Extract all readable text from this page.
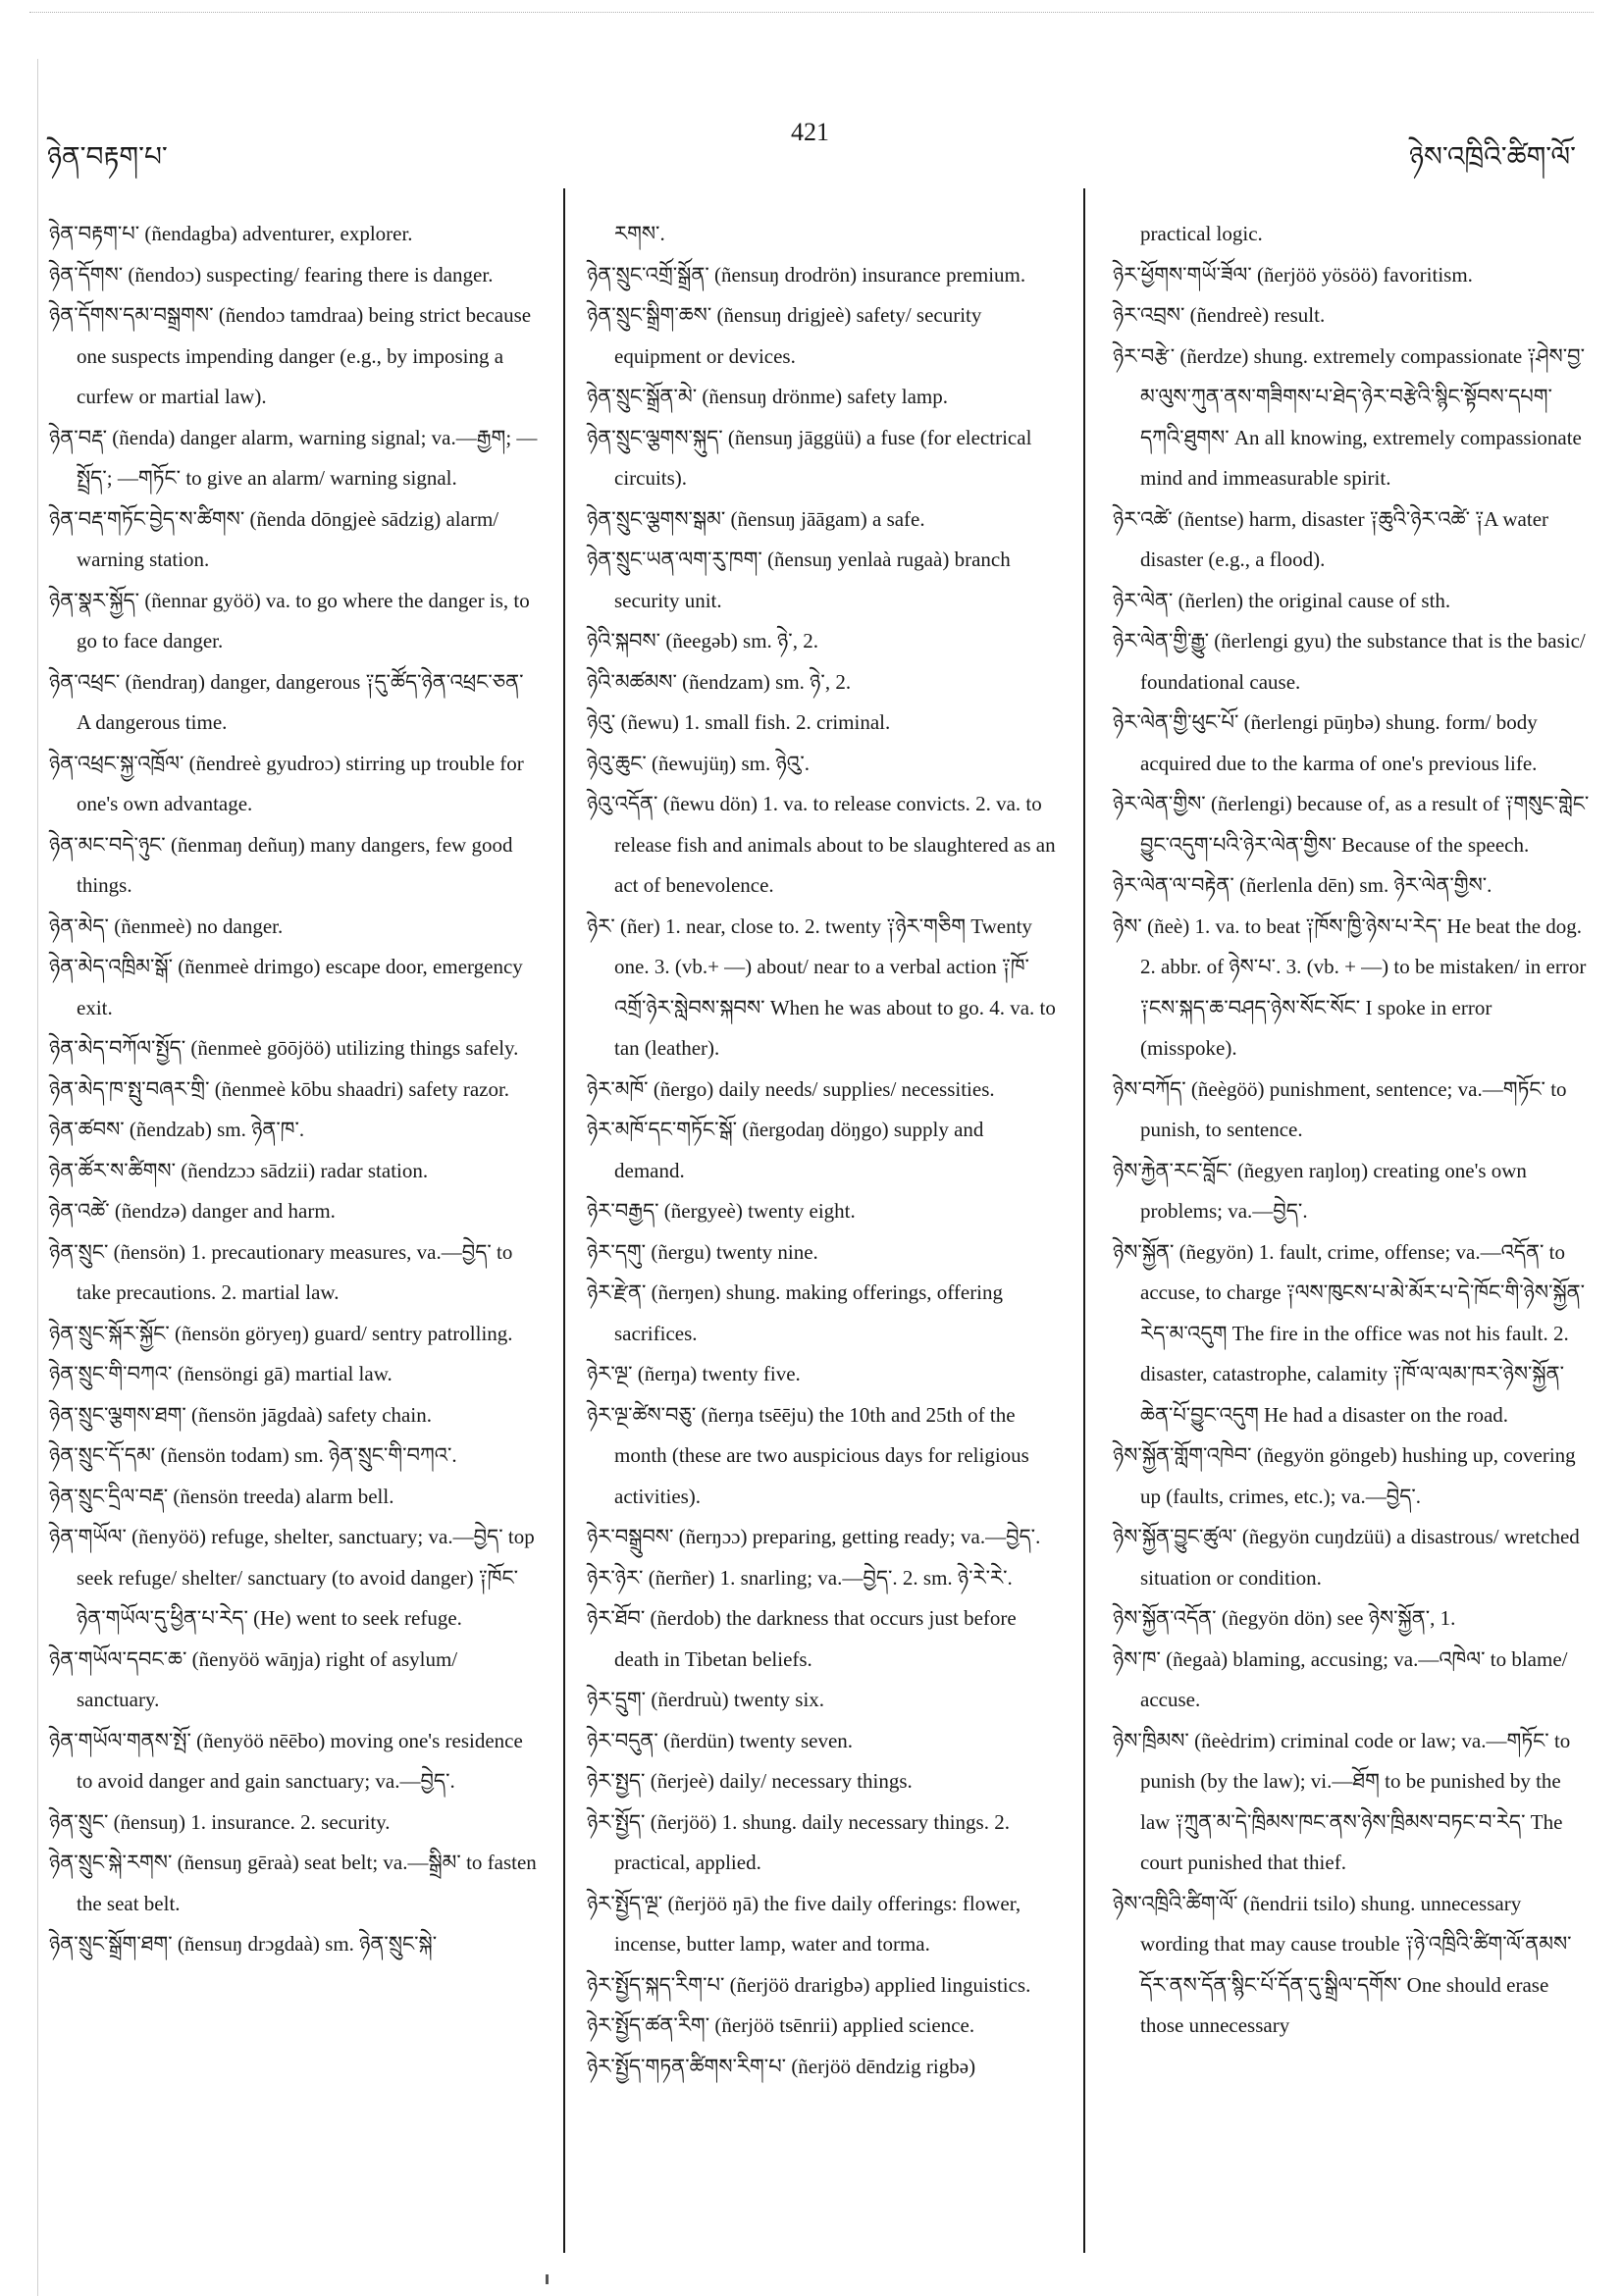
ཉེན་བརྟག་པ་
421
ཉེས་འཁྲིའི་ཚིག་ལོ་

ཉེན་བརྟག་པ་ (ñendagba) adventurer, explorer.

ཉེན་དོགས་ (ñendoɔ) suspecting/ fearing there is danger.

ཉེན་དོགས་དམ་བསྒྲགས་ (ñendoɔ tamdraa) being strict because one suspects impending danger (e.g., by imposing a curfew or martial law).

ཉེན་བརྡ་ (ñenda) danger alarm, warning signal; va.—རྒྱག; —སྤྲོད་; —གཏོང་ to give an alarm/ warning signal.

ཉེན་བརྡ་གཏོང་བྱེད་ས་ཚིགས་ (ñenda dōngjeè sādzig) alarm/ warning station.

ཉེན་སྣར་སྐྱོད་ (ñennar gyöö) va. to go where the danger is, to go to face danger.

ཉེན་འཕྲང་ (ñendraŋ) danger, dangerous ༑དུ་ཚོད་ཉེན་འཕྲང་ཅན་ A dangerous time.

ཉེན་འཕྲང་སྐྱ་འཁྲོལ་ (ñendreè gyudroɔ) stirring up trouble for one's own advantage.

ཉེན་མང་བདེ་ཉུང་ (ñenmaŋ deñuŋ) many dangers, few good things.

ཉེན་མེད་ (ñenmeè) no danger.

ཉེན་མེད་འཁྲིམ་སྒོ་ (ñenmeè drimgo) escape door, emergency exit.

ཉེན་མེད་བཀོལ་སྤྱོད་ (ñenmeè gōōjöö) utilizing things safely.

ཉེན་མེད་ཁ་སྤུ་བཞར་གྲི་ (ñenmeè kōbu shaadri) safety razor.

ཉེན་ཚབས་ (ñendzab) sm. ཉེན་ཁ་.

ཉེན་ཚོར་ས་ཚིགས་ (ñendzɔɔ sādzii) radar station.

ཉེན་འཚེ་ (ñendzə) danger and harm.

ཉེན་སྲུང་ (ñensön) 1. precautionary measures, va.—བྱེད་ to take precautions. 2. martial law.

ཉེན་སྲུང་སྐོར་སྐྱོང་ (ñensön göryeŋ) guard/ sentry patrolling.

ཉེན་སྲུང་གི་བཀའ་ (ñensöngi gā) martial law.

ཉེན་སྲུང་ལྕགས་ཐག་ (ñensön jāgdaà) safety chain.

ཉེན་སྲུང་དོ་དམ་ (ñensön todam) sm. ཉེན་སྲུང་གི་བཀའ་.

ཉེན་སྲུང་དྲིལ་བརྡ་ (ñensön treeda) alarm bell.

ཉེན་གཡོལ་ (ñenyöö) refuge, shelter, sanctuary; va.—བྱེད་ top seek refuge/ shelter/ sanctuary (to avoid danger) ༑ཁོང་ཉེན་གཡོལ་དུ་ཕྱིན་པ་རེད་ (He) went to seek refuge.

ཉེན་གཡོལ་དབང་ཆ་ (ñenyöö wāŋja) right of asylum/ sanctuary.

ཉེན་གཡོལ་གནས་སྤོ་ (ñenyöö nēēbo) moving one's residence to avoid danger and gain sanctuary; va.—བྱེད་.

ཉེན་སྲུང་ (ñensuŋ) 1. insurance. 2. security.

ཉེན་སྲུང་སྐེ་རགས་ (ñensuŋ gēraà) seat belt; va.—སྒྲིམ་ to fasten the seat belt.

ཉེན་སྲུང་སྒྲོག་ཐག་ (ñensuŋ drɔgdaà) sm. ཉེན་སྲུང་སྐེ་

རགས་.

ཉེན་སྲུང་འགྲོ་སྒྲོན་ (ñensuŋ drodrön) insurance premium.

ཉེན་སྲུང་སྒྲིག་ཆས་ (ñensuŋ drigjeè) safety/ security equipment or devices.

ཉེན་སྲུང་སྒྲོན་མེ་ (ñensuŋ drönme) safety lamp.

ཉེན་སྲུང་ལྕགས་སྐུད་ (ñensuŋ jāggüü) a fuse (for electrical circuits).

ཉེན་སྲུང་ལྕགས་སྒམ་ (ñensuŋ jāāgam) a safe.

ཉེན་སྲུང་ཡན་ལག་རུ་ཁག་ (ñensuŋ yenlaà rugaà) branch security unit.

ཉེའི་སྐབས་ (ñeegəb) sm. ཉེ་, 2.

ཉེའི་མཚམས་ (ñendzam) sm. ཉེ་, 2.

ཉེའུ་ (ñewu) 1. small fish. 2. criminal.

ཉེའུ་ཆུང་ (ñewujüŋ) sm. ཉེའུ་.

ཉེའུ་འདོན་ (ñewu dön) 1. va. to release convicts. 2. va. to release fish and animals about to be slaughtered as an act of benevolence.

ཉེར་ (ñer) 1. near, close to. 2. twenty ༑ཉེར་གཅིག Twenty one. 3. (vb.+ —) about/ near to a verbal action ༑ཁོ་འགྲོ་ཉེར་སླེབས་སྐབས་ When he was about to go. 4. va. to tan (leather).

ཉེར་མཁོ་ (ñergo) daily needs/ supplies/ necessities.

ཉེར་མཁོ་དང་གཏོང་སྒོ་ (ñergodaŋ döŋgo) supply and demand.

ཉེར་བརྒྱད་ (ñergyeè) twenty eight.

ཉེར་དགུ་ (ñergu) twenty nine.

ཉེར་རྫེན་ (ñerŋen) shung. making offerings, offering sacrifices.

ཉེར་ལྔ་ (ñerŋa) twenty five.

ཉེར་ལྔ་ཚེས་བཅུ་ (ñerŋa tsēēju) the 10th and 25th of the month (these are two auspicious days for religious activities).

ཉེར་བསྒྲུབས་ (ñerŋɔɔ) preparing, getting ready; va.—བྱེད་.

ཉེར་ཉེར་ (ñerñer) 1. snarling; va.—བྱེད་. 2. sm. ཉེ་རེ་རེ་.

ཉེར་ཐོབ་ (ñerdob) the darkness that occurs just before death in Tibetan beliefs.

ཉེར་དྲུག་ (ñerdruù) twenty six.

ཉེར་བདུན་ (ñerdün) twenty seven.

ཉེར་སྤྱད་ (ñerjeè) daily/ necessary things.

ཉེར་སྤྱོད་ (ñerjöö) 1. shung. daily necessary things. 2. practical, applied.

ཉེར་སྤྱོད་ལྔ་ (ñerjöö ŋā) the five daily offerings: flower, incense, butter lamp, water and torma.

ཉེར་སྤྱོད་སྐད་རིག་པ་ (ñerjöö drarigbə) applied linguistics.

ཉེར་སྤྱོད་ཚན་རིག་ (ñerjöö tsēnrii) applied science.

ཉེར་སྤྱོད་གཏན་ཚིགས་རིག་པ་ (ñerjöö dēndzig rigbə)

practical logic.

ཉེར་ཕྱོགས་གཡོ་ཟོལ་ (ñerjöö yösöö) favoritism.

ཉེར་འབྲས་ (ñendreè) result.

ཉེར་བརྩེ་ (ñerdze) shung. extremely compassionate ༑ཤེས་བྱ་མ་ལུས་ཀུན་ནས་གཟིགས་པ་ཐེད་ཉེར་བརྩེའི་སྙིང་སྟོབས་དཔག་དཀའི་ཐུགས་ An all knowing, extremely compassionate mind and immeasurable spirit.

ཉེར་འཚེ་ (ñentse) harm, disaster ༑ཆུའི་ཉེར་འཚེ་ ༑A water disaster (e.g., a flood).

ཉེར་ལེན་ (ñerlen) the original cause of sth.

ཉེར་ལེན་གྱི་རྒྱུ་ (ñerlengi gyu) the substance that is the basic/ foundational cause.

ཉེར་ལེན་གྱི་ཕུང་པོ་ (ñerlengi pūŋbə) shung. form/ body acquired due to the karma of one's previous life.

ཉེར་ལེན་གྱིས་ (ñerlengi) because of, as a result of ༑གསུང་གླེང་བྱུང་འདུག་པའི་ཉེར་ལེན་གྱིས་ Because of the speech.

ཉེར་ལེན་ལ་བརྟེན་ (ñerlenla dēn) sm. ཉེར་ལེན་གྱིས་.

ཉེས་ (ñeè) 1. va. to beat ༑ཁོས་ཁྱི་ཉེས་པ་རེད་ He beat the dog. 2. abbr. of ཉེས་པ་. 3. (vb. + —) to be mistaken/ in error ༑ངས་སྐད་ཆ་བཤད་ཉེས་སོང་སོང་ I spoke in error (misspoke).

ཉེས་བཀོད་ (ñeègöö) punishment, sentence; va.—གཏོང་ to punish, to sentence.

ཉེས་རྐྱེན་རང་བློང་ (ñegyen raŋloŋ) creating one's own problems; va.—བྱེད་.

ཉེས་སྐྱོན་ (ñegyön) 1. fault, crime, offense; va.—འདོན་ to accuse, to charge ༑ལས་ཁུངས་པ་མེ་མོར་པ་དེ་ཁོང་གི་ཉེས་སྐྱོན་རེད་མ་འདུག The fire in the office was not his fault. 2. disaster, catastrophe, calamity ༑ཁོ་ལ་ལམ་ཁར་ཉེས་སྐྱོན་ཆེན་པོ་བྱུང་འདུག He had a disaster on the road.

ཉེས་སྐྱོན་གློག་འཁེབ་ (ñegyön göngeb) hushing up, covering up (faults, crimes, etc.); va.—བྱེད་.

ཉེས་སྐྱོན་བྱུང་ཚུལ་ (ñegyön cuŋdzüü) a disastrous/ wretched situation or condition.

ཉེས་སྐྱོན་འདོན་ (ñegyön dön) see ཉེས་སྐྱོན་, 1.

ཉེས་ཁ་ (ñegaà) blaming, accusing; va.—འཁེལ་ to blame/ accuse.

ཉེས་ཁྲིམས་ (ñeèdrim) criminal code or law; va.—གཏོང་ to punish (by the law); vi.—ཐོག to be punished by the law ༑ཀྲུན་མ་དེ་ཁྲིམས་ཁང་ནས་ཉེས་ཁྲིམས་བཏང་བ་རེད་ The court punished that thief.

ཉེས་འཁྲིའི་ཚིག་ལོ་ (ñendrii tsilo) shung. unnecessary wording that may cause trouble ༑ཉེ་འཁྲིའི་ཚིག་ལོ་ནམས་དོར་ནས་དོན་སྙིང་པོ་དོན་དུ་སྒྲིལ་དགོས་ One should erase those unnecessary
